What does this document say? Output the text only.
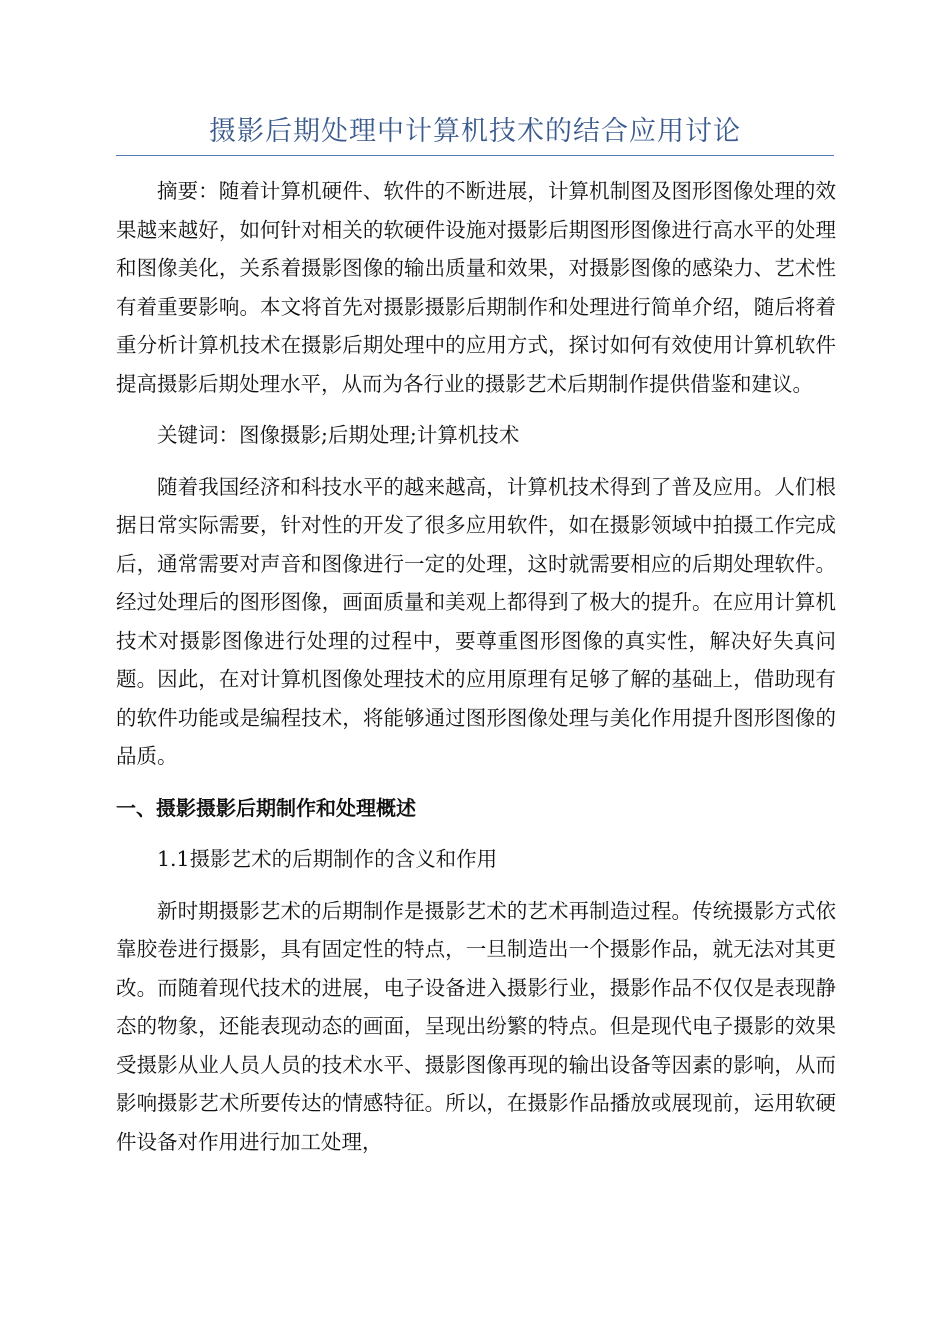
摄影后期处理中计算机技术的结合应用讨论

摘要：随着计算机硬件、软件的不断进展，计算机制图及图形图像处理的效果越来越好，如何针对相关的软硬件设施对摄影后期图形图像进行高水平的处理和图像美化，关系着摄影图像的输出质量和效果，对摄影图像的感染力、艺术性有着重要影响。本文将首先对摄影摄影后期制作和处理进行简单介绍，随后将着重分析计算机技术在摄影后期处理中的应用方式，探讨如何有效使用计算机软件提高摄影后期处理水平，从而为各行业的摄影艺术后期制作提供借鉴和建议。

关键词：图像摄影;后期处理;计算机技术

随着我国经济和科技水平的越来越高，计算机技术得到了普及应用。人们根据日常实际需要，针对性的开发了很多应用软件，如在摄影领域中拍摄工作完成后，通常需要对声音和图像进行一定的处理，这时就需要相应的后期处理软件。经过处理后的图形图像，画面质量和美观上都得到了极大的提升。在应用计算机技术对摄影图像进行处理的过程中，要尊重图形图像的真实性，解决好失真问题。因此，在对计算机图像处理技术的应用原理有足够了解的基础上，借助现有的软件功能或是编程技术，将能够通过图形图像处理与美化作用提升图形图像的品质。

一、摄影摄影后期制作和处理概述

1.1摄影艺术的后期制作的含义和作用

新时期摄影艺术的后期制作是摄影艺术的艺术再制造过程。传统摄影方式依靠胶卷进行摄影，具有固定性的特点，一旦制造出一个摄影作品，就无法对其更改。而随着现代技术的进展，电子设备进入摄影行业，摄影作品不仅仅是表现静态的物象，还能表现动态的画面，呈现出纷繁的特点。但是现代电子摄影的效果受摄影从业人员人员的技术水平、摄影图像再现的输出设备等因素的影响，从而影响摄影艺术所要传达的情感特征。所以，在摄影作品播放或展现前，运用软硬件设备对作用进行加工处理，
